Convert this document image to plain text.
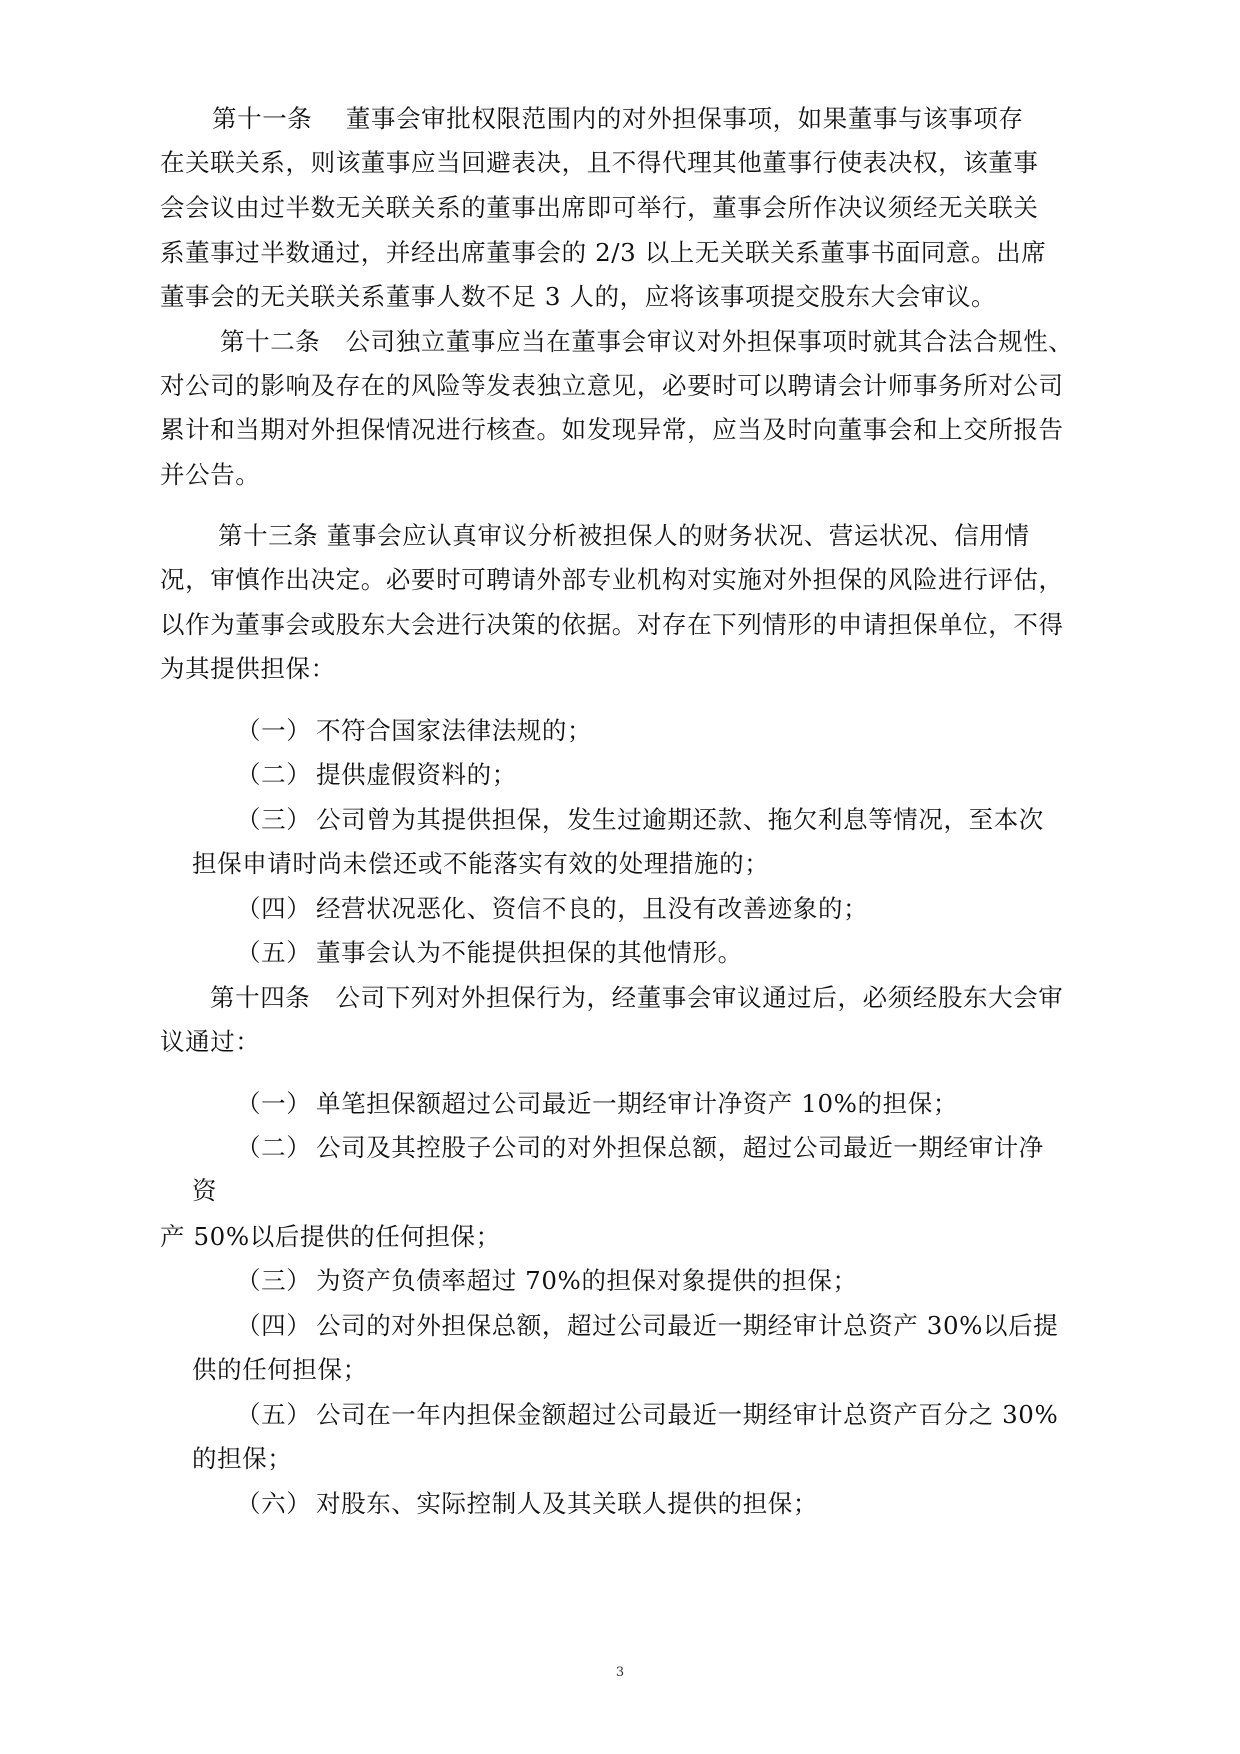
第十一条　 董事会审批权限范围内的对外担保事项，如果董事与该事项存
在关联关系，则该董事应当回避表决，且不得代理其他董事行使表决权，该董事
会会议由过半数无关联关系的董事出席即可举行，董事会所作决议须经无关联关
系董事过半数通过，并经出席董事会的 2/3 以上无关联关系董事书面同意。出席
董事会的无关联关系董事人数不足 3 人的，应将该事项提交股东大会审议。
第十二条　公司独立董事应当在董事会审议对外担保事项时就其合法合规性、
对公司的影响及存在的风险等发表独立意见，必要时可以聘请会计师事务所对公司
累计和当期对外担保情况进行核查。如发现异常，应当及时向董事会和上交所报告
并公告。
第十三条 董事会应认真审议分析被担保人的财务状况、营运状况、信用情
况，审慎作出决定。必要时可聘请外部专业机构对实施对外担保的风险进行评估，
以作为董事会或股东大会进行决策的依据。对存在下列情形的申请担保单位，不得
为其提供担保：
（一） 不符合国家法律法规的；
（二） 提供虚假资料的；
（三） 公司曾为其提供担保，发生过逾期还款、拖欠利息等情况，至本次
担保申请时尚未偿还或不能落实有效的处理措施的；
（四） 经营状况恶化、资信不良的，且没有改善迹象的；
（五） 董事会认为不能提供担保的其他情形。
第十四条　公司下列对外担保行为，经董事会审议通过后，必须经股东大会审
议通过：
（一） 单笔担保额超过公司最近一期经审计净资产 10%的担保；
（二） 公司及其控股子公司的对外担保总额，超过公司最近一期经审计净
资
产 50%以后提供的任何担保；
（三） 为资产负债率超过 70%的担保对象提供的担保；
（四） 公司的对外担保总额，超过公司最近一期经审计总资产 30%以后提
供的任何担保；
（五） 公司在一年内担保金额超过公司最近一期经审计总资产百分之 30%
的担保；
（六） 对股东、实际控制人及其关联人提供的担保；
3
